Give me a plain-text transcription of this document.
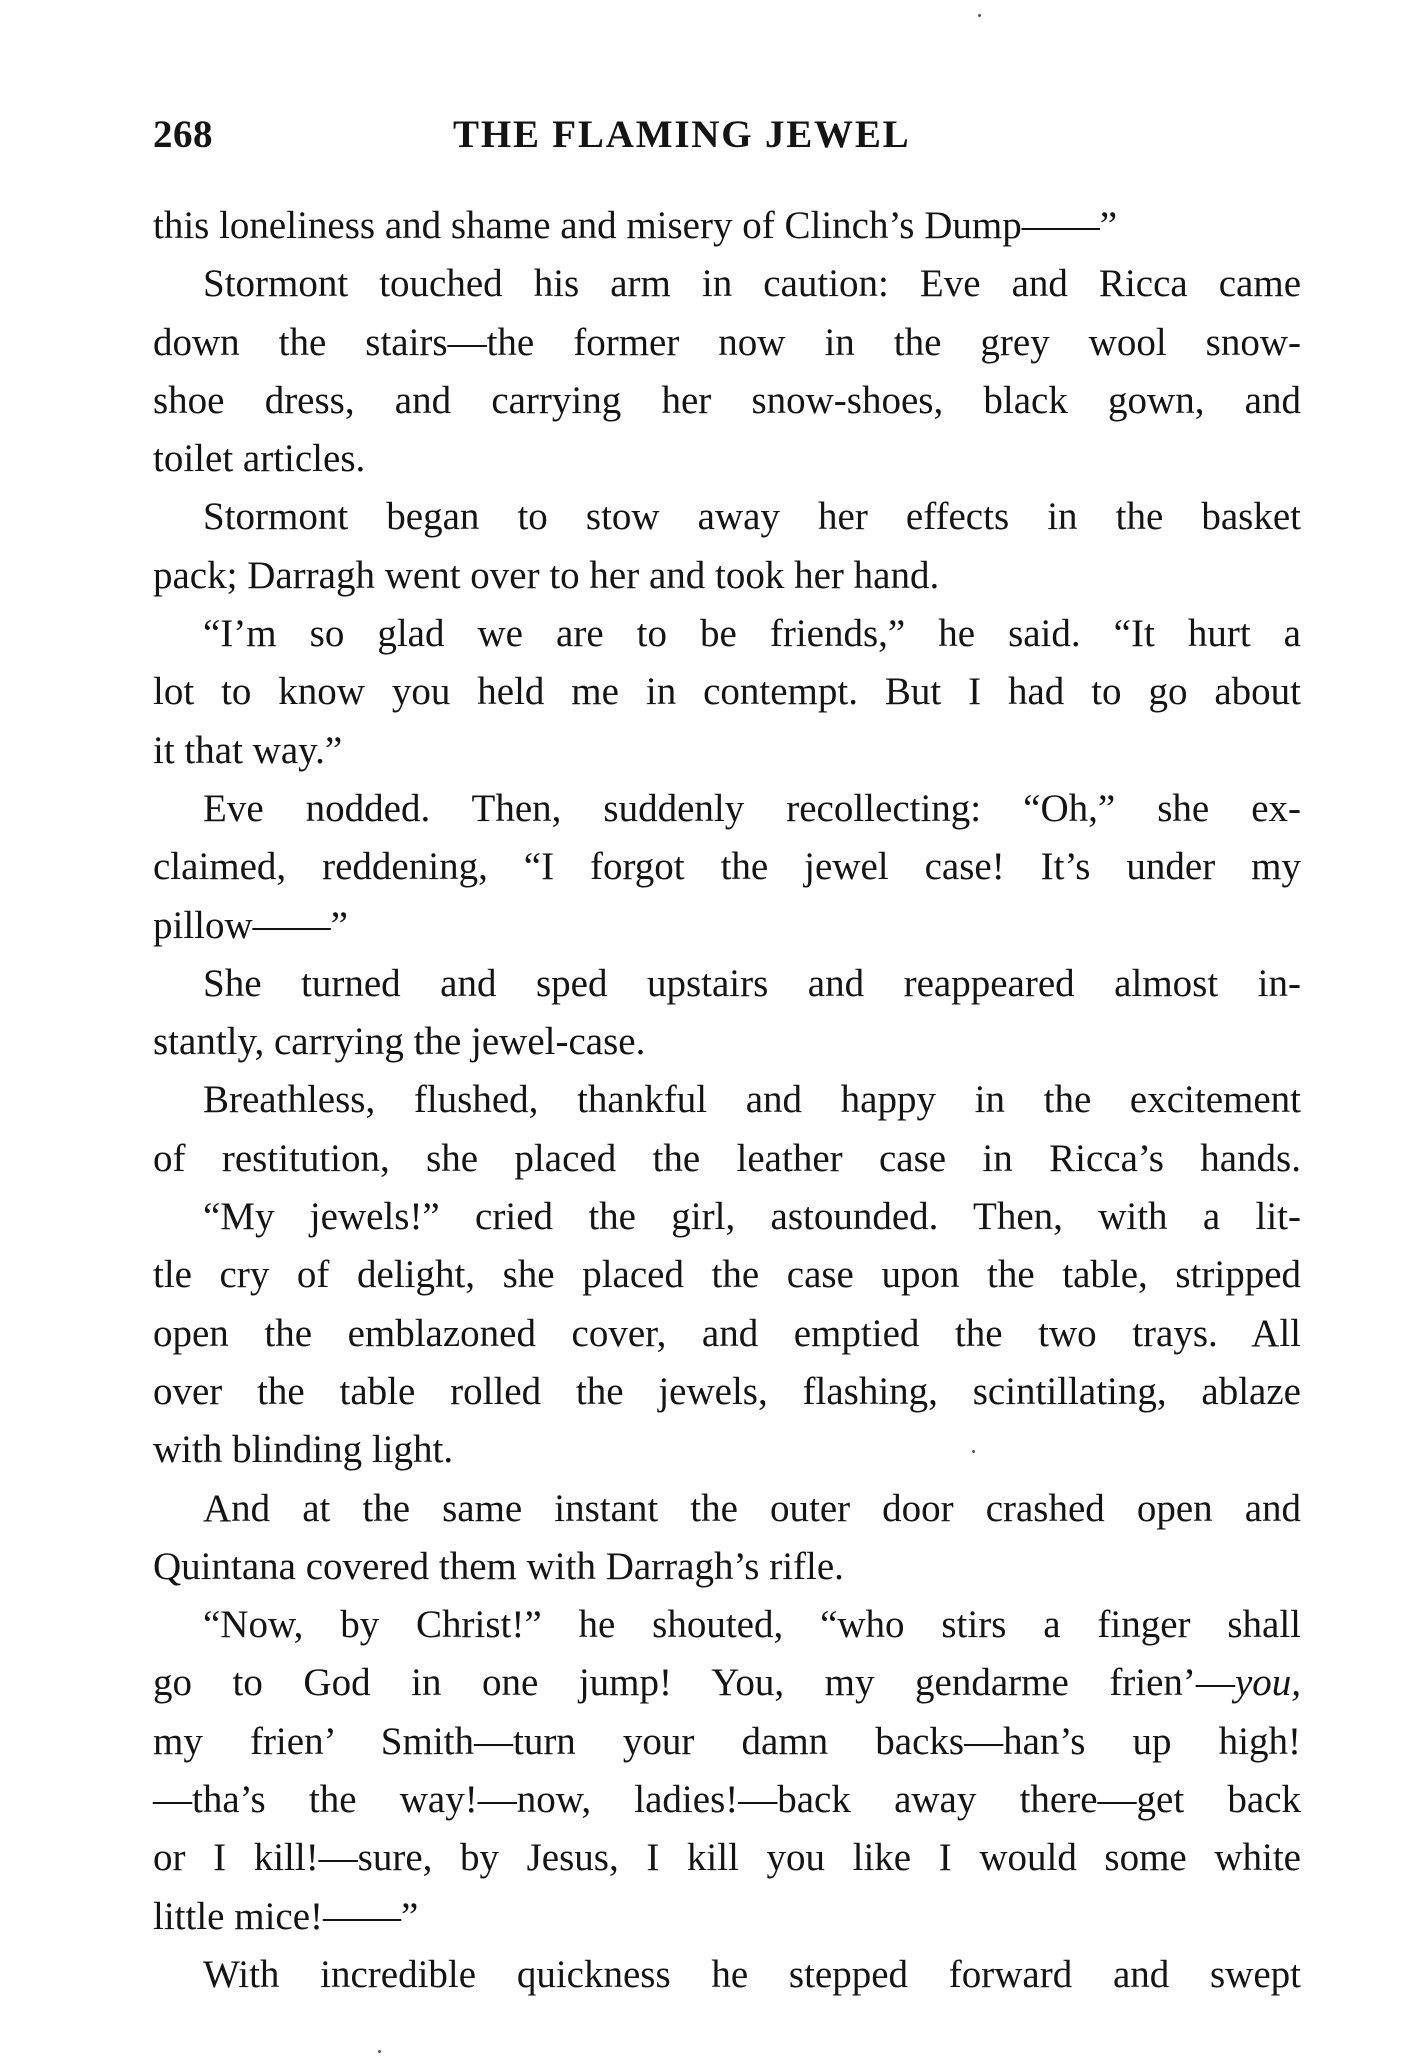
268	THE FLAMING JEWEL
this loneliness and shame and misery of Clinch’s Dump——”
Stormont touched his arm in caution: Eve and Ricca came
down the stairs—the former now in the grey wool snow-
shoe dress, and carrying her snow-shoes, black gown, and
toilet articles.
Stormont began to stow away her effects in the basket
pack; Darragh went over to her and took her hand.
“I’m so glad we are to be friends,” he said. “It hurt a
lot to know you held me in contempt. But I had to go about
it that way.”
Eve nodded. Then, suddenly recollecting: “Oh,” she ex-
claimed, reddening, “I forgot the jewel case! It’s under my
pillow——”
She turned and sped upstairs and reappeared almost in-
stantly, carrying the jewel-case.
Breathless, flushed, thankful and happy in the excitement
of restitution, she placed the leather case in Ricca’s hands.
“My jewels!” cried the girl, astounded. Then, with a lit-
tle cry of delight, she placed the case upon the table, stripped
open the emblazoned cover, and emptied the two trays. All
over the table rolled the jewels, flashing, scintillating, ablaze
with blinding light.
And at the same instant the outer door crashed open and
Quintana covered them with Darragh’s rifle.
“Now, by Christ!” he shouted, “who stirs a finger shall
go to God in one jump! You, my gendarme frien’—you,
my frien’ Smith—turn your damn backs—han’s up high!
—tha’s the way!—now, ladies!—back away there—get back
or I kill!—sure, by Jesus, I kill you like I would some white
little mice!——”
With incredible quickness he stepped forward and swept
